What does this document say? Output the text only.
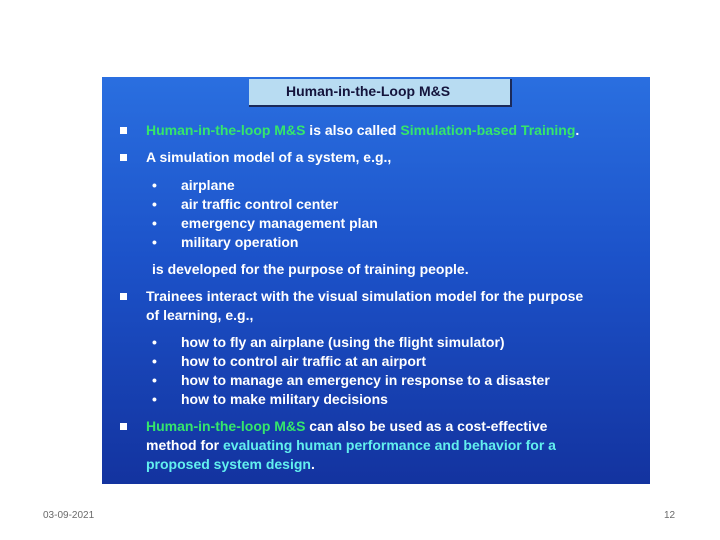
Human-in-the-Loop M&S
Human-in-the-loop M&S is also called Simulation-based Training.
A simulation model of a system, e.g.,
• airplane
• air traffic control center
• emergency management plan
• military operation
is developed for the purpose of training people.
Trainees interact with the visual simulation model for the purpose
of learning, e.g.,
• how to fly an airplane (using the flight simulator)
• how to control air traffic at an airport
• how to manage an emergency in response to a disaster
• how to make military decisions
Human-in-the-loop M&S can also be used as a cost-effective
method for evaluating human performance and behavior for a
proposed system design.
03-09-2021	12
